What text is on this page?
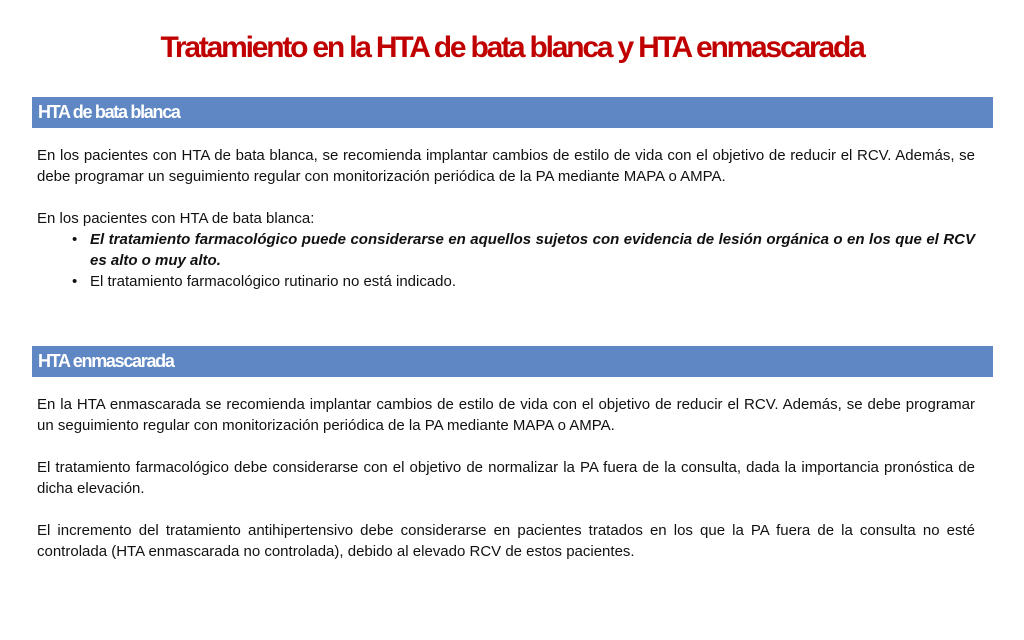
Tratamiento en la HTA de bata blanca y HTA enmascarada
HTA de bata blanca

En los pacientes con HTA de bata blanca, se recomienda implantar cambios de estilo de vida con el objetivo de reducir el RCV. Además, se debe programar un seguimiento regular con monitorización periódica de la PA mediante MAPA o AMPA.

En los pacientes con HTA de bata blanca:

• El tratamiento farmacológico puede considerarse en aquellos sujetos con evidencia de lesión orgánica o en los que el RCV es alto o muy alto.
• El tratamiento farmacológico rutinario no está indicado.
HTA enmascarada

En la HTA enmascarada se recomienda implantar cambios de estilo de vida con el objetivo de reducir el RCV. Además, se debe programar un seguimiento regular con monitorización periódica de la PA mediante MAPA o AMPA.

El tratamiento farmacológico debe considerarse con el objetivo de normalizar la PA fuera de la consulta, dada la importancia pronóstica de dicha elevación.

El incremento del tratamiento antihipertensivo debe considerarse en pacientes tratados en los que la PA fuera de la consulta no esté controlada (HTA enmascarada no controlada), debido al elevado RCV de estos pacientes.
